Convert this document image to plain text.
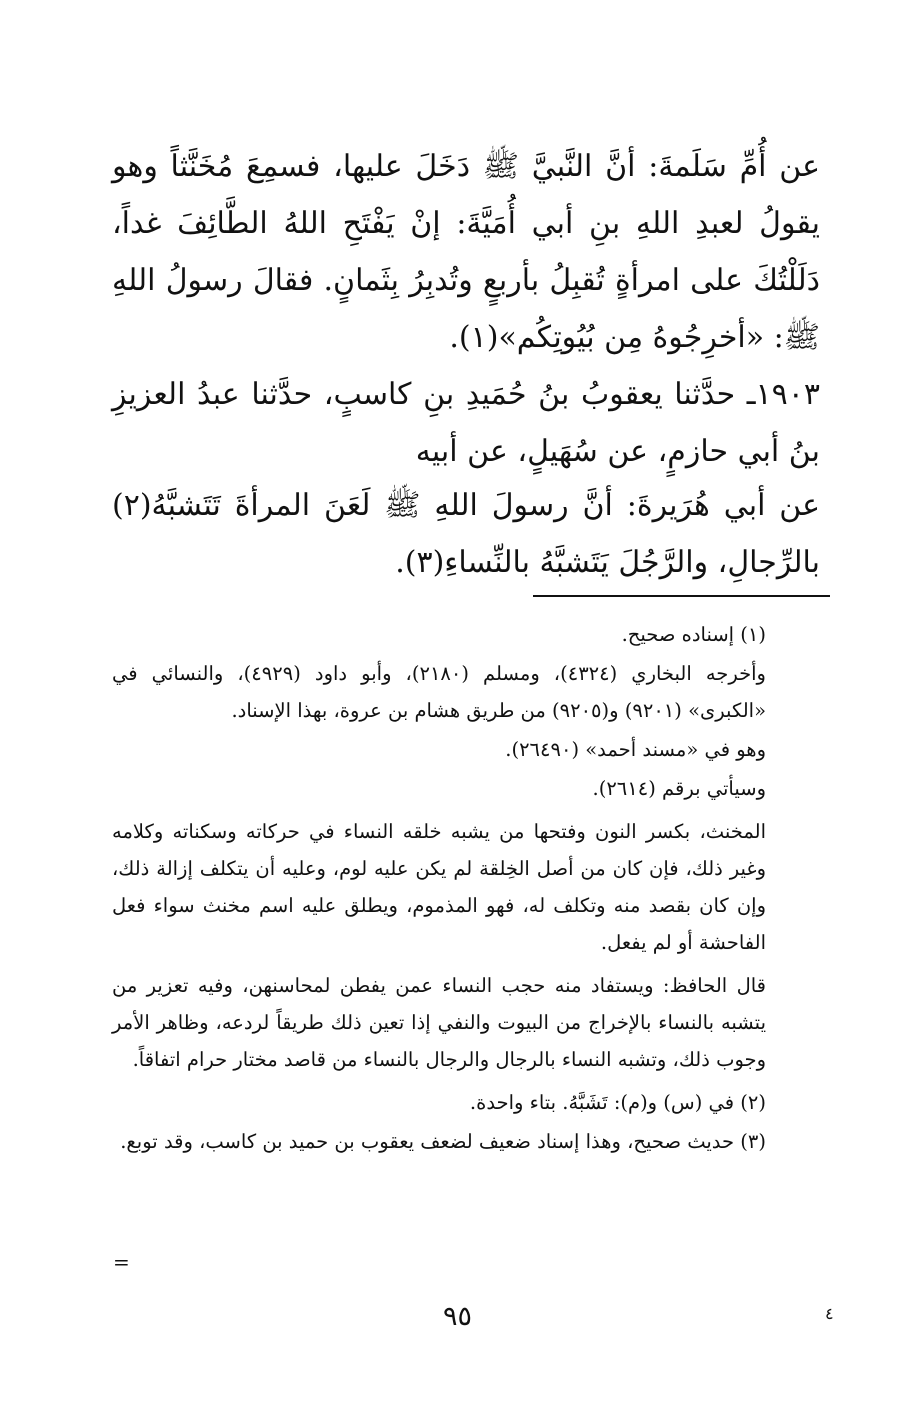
عن أُمِّ سَلَمةَ: أنَّ النَّبيَّ ﷺ دَخَلَ عليها، فسمِعَ مُخَنَّثاً وهو يقولُ لعبدِ اللهِ بنِ أبي أُمَيَّةَ: إنْ يَفْتَحِ اللهُ الطَّائِفَ غداً، دَلَلْتُكَ على امرأةٍ تُقبِلُ بأربعٍ وتُدبِرُ بِثَمانٍ. فقالَ رسولُ اللهِ ﷺ: «أخرِجُوهُ مِن بُيُوتِكُم»(١).

١٩٠٣ـ حدَّثنا يعقوبُ بنُ حُمَيدِ بنِ كاسبٍ، حدَّثنا عبدُ العزيزِ بنُ أبي حازمٍ، عن سُهَيلٍ، عن أبيه

عن أبي هُرَيرةَ: أنَّ رسولَ اللهِ ﷺ لَعَنَ المرأةَ تَتَشبَّهُ(٢) بالرِّجالِ، والرَّجُلَ يَتَشبَّهُ بالنِّساءِ(٣).

(١) إسناده صحيح.

وأخرجه البخاري (٤٣٢٤)، ومسلم (٢١٨٠)، وأبو داود (٤٩٢٩)، والنسائي في «الكبرى» (٩٢٠١) و(٩٢٠٥) من طريق هشام بن عروة، بهذا الإسناد.

وهو في «مسند أحمد» (٢٦٤٩٠).

وسيأتي برقم (٢٦١٤).

المخنث، بكسر النون وفتحها من يشبه خلقه النساء في حركاته وسكناته وكلامه وغير ذلك، فإن كان من أصل الخِلقة لم يكن عليه لوم، وعليه أن يتكلف إزالة ذلك، وإن كان بقصد منه وتكلف له، فهو المذموم، ويطلق عليه اسم مخنث سواء فعل الفاحشة أو لم يفعل.

قال الحافظ: ويستفاد منه حجب النساء عمن يفطن لمحاسنهن، وفيه تعزير من يتشبه بالنساء بالإخراج من البيوت والنفي إذا تعين ذلك طريقاً لردعه، وظاهر الأمر وجوب ذلك، وتشبه النساء بالرجال والرجال بالنساء من قاصد مختار حرام اتفاقاً.

(٢) في (س) و(م): تَشَبَّهُ. بتاء واحدة.

(٣) حديث صحيح، وهذا إسناد ضعيف لضعف يعقوب بن حميد بن كاسب، وقد توبع.

=
٤
٩٥
